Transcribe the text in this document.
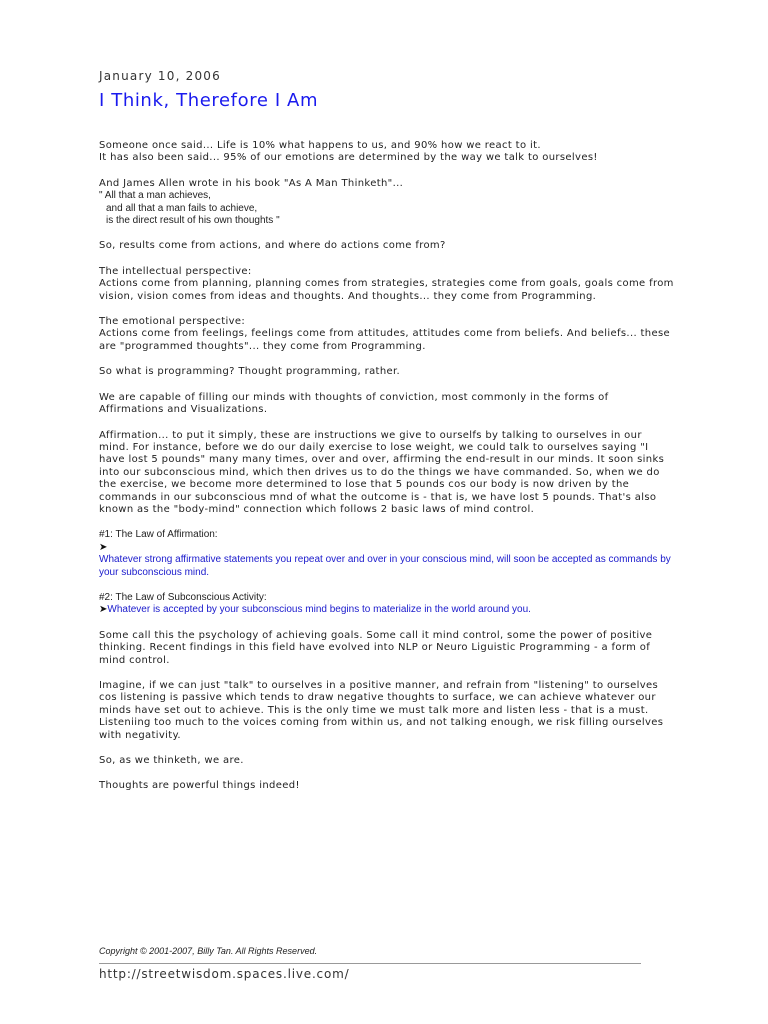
January 10, 2006
I Think, Therefore I Am

Someone once said... Life is 10% what happens to us, and 90% how we react to it.
It has also been said... 95% of our emotions are determined by the way we talk to ourselves!

And James Allen wrote in his book "As A Man Thinketh"...
" All that a man achieves,
and all that a man fails to achieve,
is the direct result of his own thoughts "

So, results come from actions, and where do actions come from?

The intellectual perspective:
Actions come from planning, planning comes from strategies, strategies come from goals, goals come from vision, vision comes from ideas and thoughts. And thoughts... they come from Programming.

The emotional perspective:
Actions come from feelings, feelings come from attitudes, attitudes come from beliefs. And beliefs... these are "programmed thoughts"... they come from Programming.

So what is programming? Thought programming, rather.

We are capable of filling our minds with thoughts of conviction, most commonly in the forms of Affirmations and Visualizations.

Affirmation... to put it simply, these are instructions we give to ourselfs by talking to ourselves in our mind. For instance, before we do our daily exercise to lose weight, we could talk to ourselves saying "I have lost 5 pounds" many many times, over and over, affirming the end-result in our minds. It soon sinks into our subconscious mind, which then drives us to do the things we have commanded. So, when we do the exercise, we become more determined to lose that 5 pounds cos our body is now driven by the commands in our subconscious mnd of what the outcome is - that is, we have lost 5 pounds. That's also known as the "body-mind" connection which follows 2 basic laws of mind control.

#1: The Law of Affirmation:
➤
Whatever strong affirmative statements you repeat over and over in your conscious mind, will soon be accepted as commands by your subconscious mind.

#2: The Law of Subconscious Activity:
➤Whatever is accepted by your subconscious mind begins to materialize in the world around you.

Some call this the psychology of achieving goals. Some call it mind control, some the power of positive thinking. Recent findings in this field have evolved into NLP or Neuro Liguistic Programming - a form of mind control.

Imagine, if we can just "talk" to ourselves in a positive manner, and refrain from "listening" to ourselves cos listening is passive which tends to draw negative thoughts to surface, we can achieve whatever our minds have set out to achieve. This is the only time we must talk more and listen less - that is a must. Listeniing too much to the voices coming from within us, and not talking enough, we risk filling ourselves with negativity.

So, as we thinketh, we are.

Thoughts are powerful things indeed!

Copyright © 2001-2007, Billy Tan. All Rights Reserved.
http://streetwisdom.spaces.live.com/
